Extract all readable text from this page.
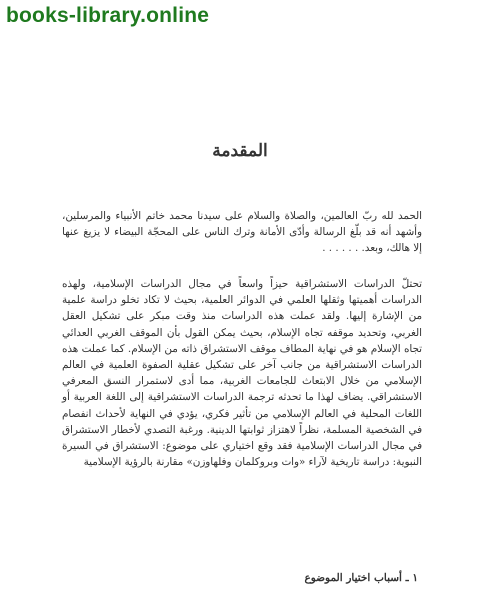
books-library.online
المقدمة
الحمد لله ربّ العالمين، والصلاة والسلام على سيدنا محمد خاتم الأنبياء والمرسلين، وأشهد أنه قد بلّغ الرسالة وأدّى الأمانة وترك الناس على المحجّة البيضاء لا يزيغ عنها إلا هالك، وبعد. . . . . . .
تحتلّ الدراسات الاستشراقية حيزاً واسعاً في مجال الدراسات الإسلامية، ولهذه الدراسات أهميتها وثقلها العلمي في الدوائر العلمية، بحيث لا تكاد تخلو دراسة علمية من الإشارة إليها. ولقد عملت هذه الدراسات منذ وقت مبكر على تشكيل العقل الغربي، وتحديد موقفه تجاه الإسلام، بحيث يمكن القول بأن الموقف الغربي العدائي تجاه الإسلام هو في نهاية المطاف موقف الاستشراق ذاته من الإسلام. كما عملت هذه الدراسات الاستشراقية من جانب آخر على تشكيل عقلية الصفوة العلمية في العالم الإسلامي من خلال الابتعاث للجامعات الغربية، مما أدى لاستمرار النسق المعرفي الاستشراقي. يضاف لهذا ما تحدثه ترجمة الدراسات الاستشراقية إلى اللغة العربية أو اللغات المحلية في العالم الإسلامي من تأثير فكري، يؤدي في النهاية لأحداث انفصام في الشخصية المسلمة، نظراً لاهتزاز ثوابتها الدينية. ورغبة التصدي لأخطار الاستشراق في مجال الدراسات الإسلامية فقد وقع اختياري على موضوع: الاستشراق في السيرة النبوية: دراسة تاريخية لآراء «وات وبروكلمان وفلهاوزن» مقارنة بالرؤية الإسلامية
١ ـ أسباب اختيار الموضوع
